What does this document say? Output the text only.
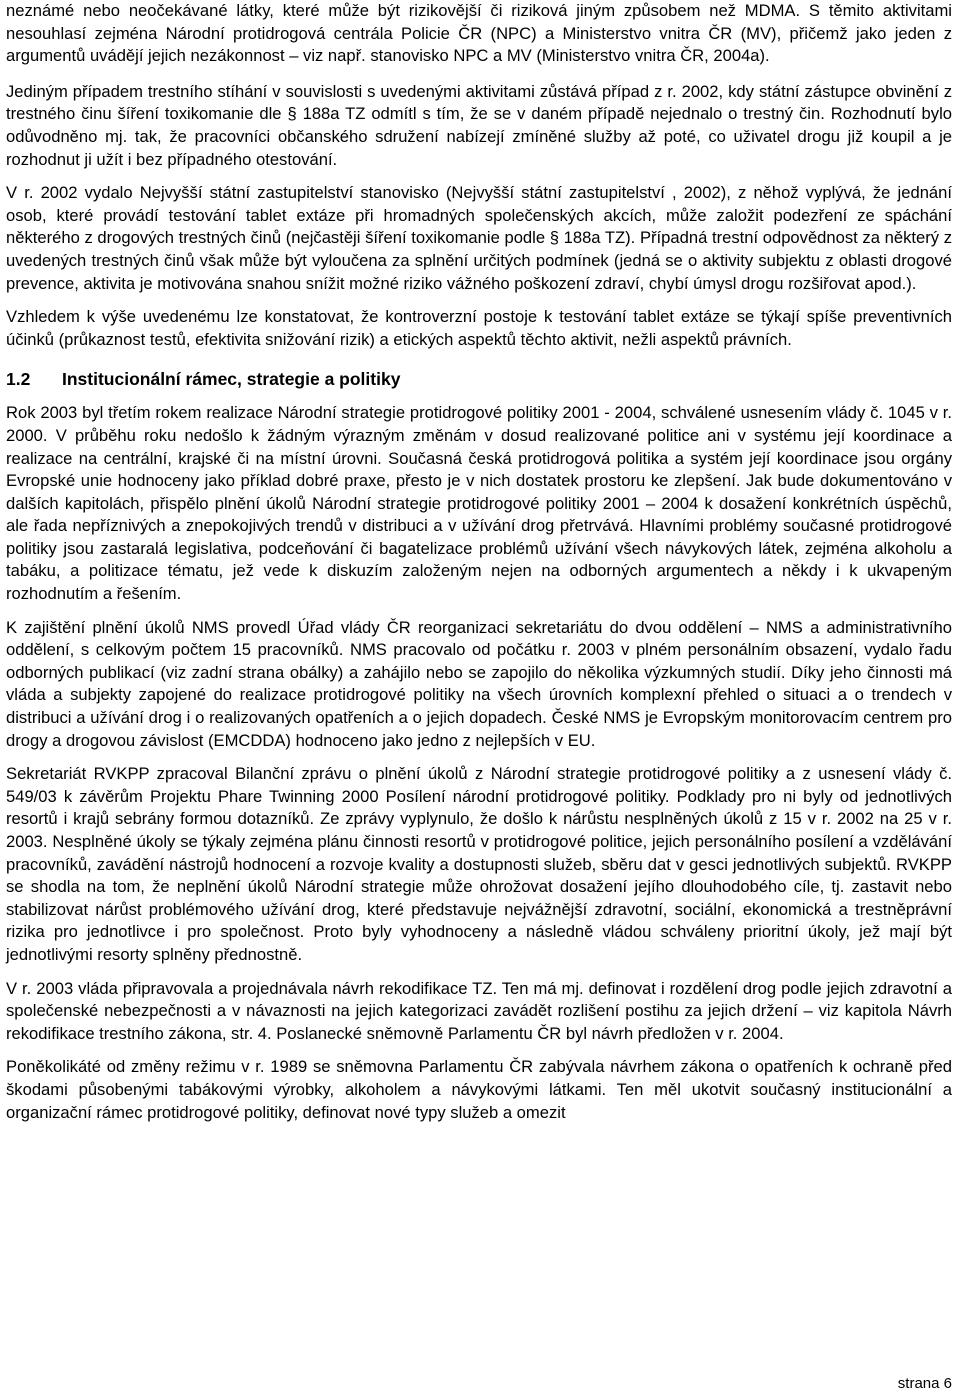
neznámé nebo neočekávané látky, které může být rizikovější či riziková jiným způsobem než MDMA. S těmito aktivitami nesouhlasí zejména Národní protidrogová centrála Policie ČR (NPC) a Ministerstvo vnitra ČR (MV), přičemž jako jeden z argumentů uvádějí jejich nezákonnost – viz např. stanovisko NPC a MV (Ministerstvo vnitra ČR, 2004a).

Jediným případem trestního stíhání v souvislosti s uvedenými aktivitami zůstává případ z r. 2002, kdy státní zástupce obvinění z trestného činu šíření toxikomanie dle § 188a TZ odmítl s tím, že se v daném případě nejednalo o trestný čin. Rozhodnutí bylo odůvodněno mj. tak, že pracovníci občanského sdružení nabízejí zmíněné služby až poté, co uživatel drogu již koupil a je rozhodnut ji užít i bez případného otestování.

V r. 2002 vydalo Nejvyšší státní zastupitelství stanovisko (Nejvyšší státní zastupitelství , 2002), z něhož vyplývá, že jednání osob, které provádí testování tablet extáze při hromadných společenských akcích, může založit podezření ze spáchání některého z drogových trestných činů (nejčastěji šíření toxikomanie podle § 188a TZ). Případná trestní odpovědnost za některý z uvedených trestných činů však může být vyloučena za splnění určitých podmínek (jedná se o aktivity subjektu z oblasti drogové prevence, aktivita je motivována snahou snížit možné riziko vážného poškození zdraví, chybí úmysl drogu rozšiřovat apod.).

Vzhledem k výše uvedenému lze konstatovat, že kontroverzní postoje k testování tablet extáze se týkají spíše preventivních účinků (průkaznost testů, efektivita snižování rizik) a etických aspektů těchto aktivit, nežli aspektů právních.

1.2	Institucionální rámec, strategie a politiky

Rok 2003 byl třetím rokem realizace Národní strategie protidrogové politiky 2001 - 2004, schválené usnesením vlády č. 1045 v r. 2000. V průběhu roku nedošlo k žádným výrazným změnám v dosud realizované politice ani v systému její koordinace a realizace na centrální, krajské či na místní úrovni. Současná česká protidrogová politika a systém její koordinace jsou orgány Evropské unie hodnoceny jako příklad dobré praxe, přesto je v nich dostatek prostoru ke zlepšení. Jak bude dokumentováno v dalších kapitolách, přispělo plnění úkolů Národní strategie protidrogové politiky 2001 – 2004 k dosažení konkrétních úspěchů, ale řada nepříznivých a znepokojivých trendů v distribuci a v užívání drog přetrvává. Hlavními problémy současné protidrogové politiky jsou zastaralá legislativa, podceňování či bagatelizace problémů užívání všech návykových látek, zejména alkoholu a tabáku, a politizace tématu, jež vede k diskuzím založeným nejen na odborných argumentech a někdy i k ukvapeným rozhodnutím a řešením.

K zajištění plnění úkolů NMS provedl Úřad vlády ČR reorganizaci sekretariátu do dvou oddělení – NMS a administrativního oddělení, s celkovým počtem 15 pracovníků. NMS pracovalo od počátku r. 2003 v plném personálním obsazení, vydalo řadu odborných publikací (viz zadní strana obálky) a zahájilo nebo se zapojilo do několika výzkumných studií. Díky jeho činnosti má vláda a subjekty zapojené do realizace protidrogové politiky na všech úrovních komplexní přehled o situaci a o trendech v distribuci a užívání drog i o realizovaných opatřeních a o jejich dopadech. České NMS je Evropským monitorovacím centrem pro drogy a drogovou závislost (EMCDDA) hodnoceno jako jedno z nejlepších v EU.

Sekretariát RVKPP zpracoval Bilanční zprávu o plnění úkolů z Národní strategie protidrogové politiky a z usnesení vlády č. 549/03 k závěrům Projektu Phare Twinning 2000 Posílení národní protidrogové politiky. Podklady pro ni byly od jednotlivých resortů i krajů sebrány formou dotazníků. Ze zprávy vyplynulo, že došlo k nárůstu nesplněných úkolů z 15 v r. 2002 na 25 v r. 2003. Nesplněné úkoly se týkaly zejména plánu činnosti resortů v protidrogové politice, jejich personálního posílení a vzdělávání pracovníků, zavádění nástrojů hodnocení a rozvoje kvality a dostupnosti služeb, sběru dat v gesci jednotlivých subjektů. RVKPP se shodla na tom, že neplnění úkolů Národní strategie může ohrožovat dosažení jejího dlouhodobého cíle, tj. zastavit nebo stabilizovat nárůst problémového užívání drog, které představuje nejvážnější zdravotní, sociální, ekonomická a trestněprávní rizika pro jednotlivce i pro společnost. Proto byly vyhodnoceny a následně vládou schváleny prioritní úkoly, jež mají být jednotlivými resorty splněny přednostně.

V r. 2003 vláda připravovala a projednávala návrh rekodifikace TZ. Ten má mj. definovat i rozdělení drog podle jejich zdravotní a společenské nebezpečnosti a v návaznosti na jejich kategorizaci zavádět rozlišení postihu za jejich držení – viz kapitola Návrh rekodifikace trestního zákona, str. 4. Poslanecké sněmovně Parlamentu ČR byl návrh předložen v r. 2004.

Poněkolikáté od změny režimu v r. 1989 se sněmovna Parlamentu ČR zabývala návrhem zákona o opatřeních k ochraně před škodami působenými tabákovými výrobky, alkoholem a návykovými látkami. Ten měl ukotvit současný institucionální a organizační rámec protidrogové politiky, definovat nové typy služeb a omezit

strana 6
